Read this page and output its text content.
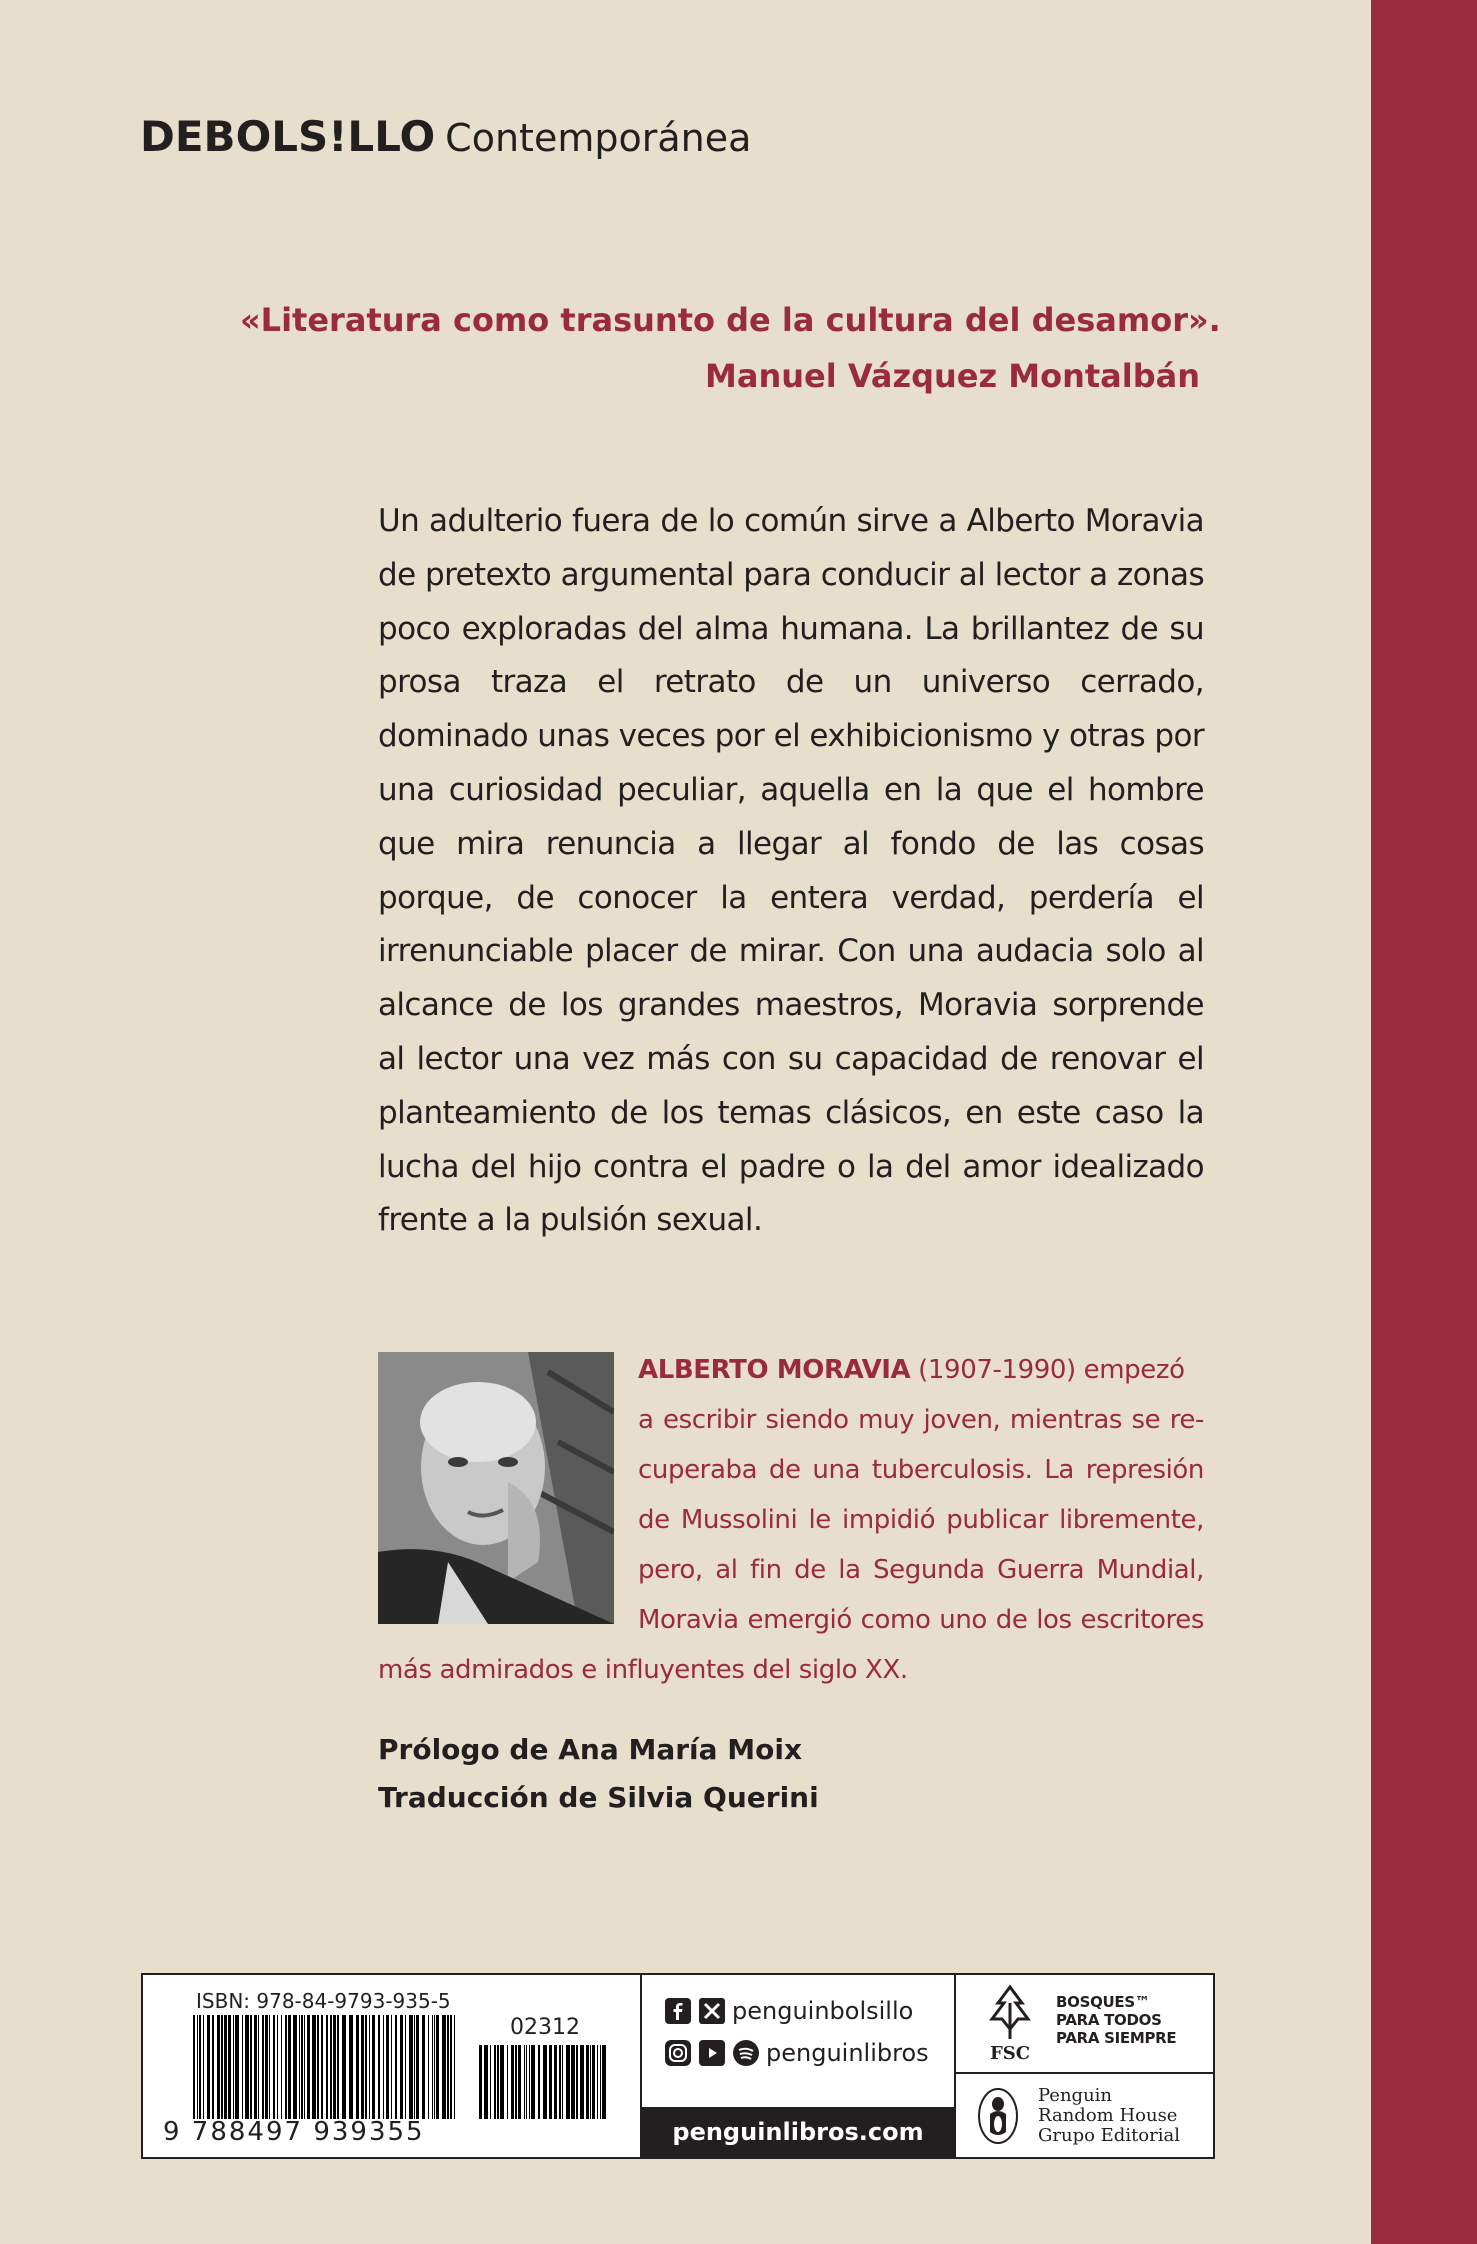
DEBOLS!LLO Contemporánea
«Literatura como trasunto de la cultura del desamor».
Manuel Vázquez Montalbán
Un adulterio fuera de lo común sirve a Alberto Moravia de pretexto argumental para conducir al lector a zonas poco exploradas del alma humana. La brillantez de su prosa traza el retrato de un universo cerrado, dominado unas veces por el exhibicionismo y otras por una curiosidad peculiar, aquella en la que el hombre que mira renuncia a llegar al fondo de las cosas porque, de conocer la entera verdad, perdería el irrenunciable placer de mirar. Con una audacia solo al alcance de los grandes maestros, Moravia sorprende al lector una vez más con su capacidad de renovar el planteamiento de los temas clásicos, en este caso la lucha del hijo contra el padre o la del amor idealizado frente a la pulsión sexual.
ALBERTO MORAVIA (1907-1990) empezó
a escribir siendo muy joven, mientras se re-
cuperaba de una tuberculosis. La represión
de Mussolini le impidió publicar libremente,
pero, al fin de la Segunda Guerra Mundial,
Moravia emergió como uno de los escritores
más admirados e influyentes del siglo XX.
Prólogo de Ana María Moix
Traducción de Silvia Querini
ISBN: 978-84-9793-935-5
02312
9 788497 939355
penguinbolsillo
penguinlibros
penguinlibros.com
FSC
BOSQUES™
PARA TODOS
PARA SIEMPRE
Penguin
Random House
Grupo Editorial
